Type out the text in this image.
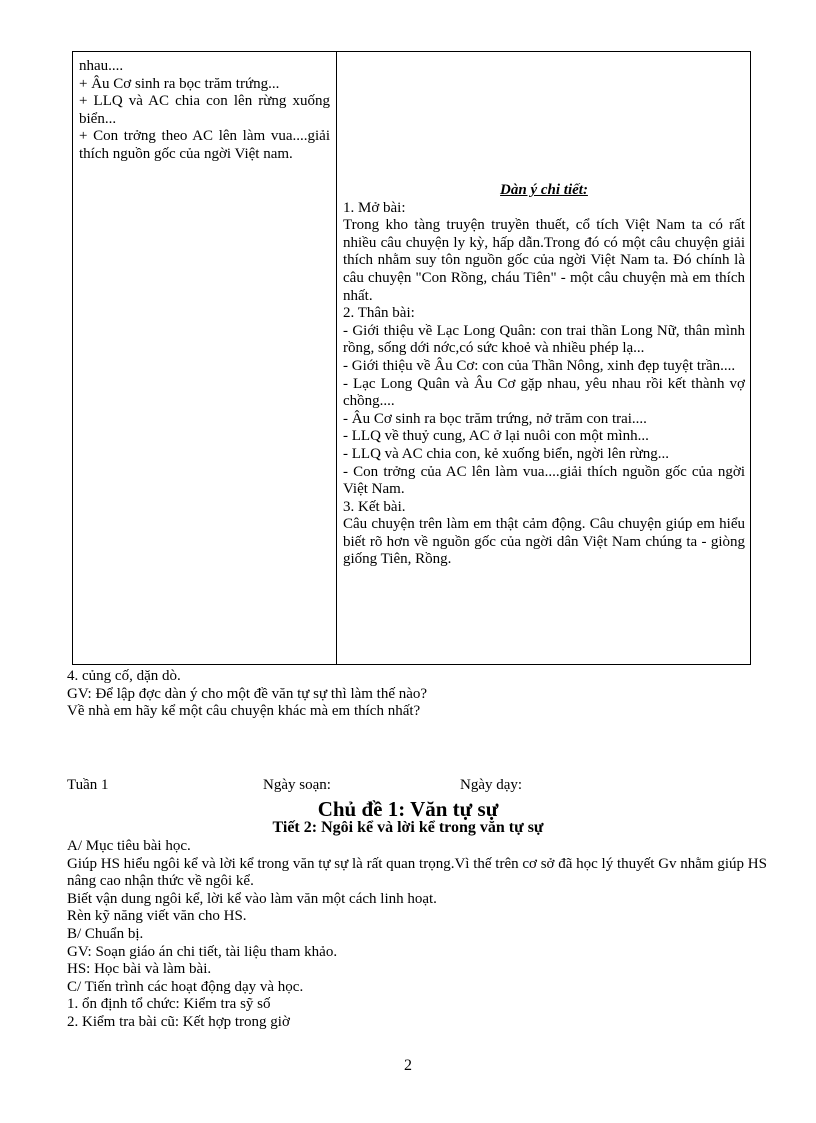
nhau....
+ Âu Cơ sinh ra bọc trăm trứng...
+ LLQ và AC chia con lên rừng xuống biển...
+ Con trởng theo AC lên làm vua....giải thích nguồn gốc của ngời Việt nam.

Dàn ý chi tiết:

1. Mở bài:
Trong kho tàng truyện truyền thuết, cổ tích Việt Nam ta có rất nhiều câu chuyện ly kỳ, hấp dẫn.Trong đó có một câu chuyện giải thích nhằm suy tôn nguồn gốc của ngời Việt Nam ta. Đó chính là câu chuyện "Con Rồng, cháu Tiên" - một câu chuyện mà em thích nhất.
2. Thân bài:
- Giới thiệu về Lạc Long Quân: con trai thần Long Nữ, thân mình rồng, sống dới nớc,có sức khoẻ và nhiều phép lạ...
- Giới thiệu về Âu Cơ: con của Thần Nông, xinh đẹp tuyệt trần....
- Lạc Long Quân và Âu Cơ gặp nhau, yêu nhau rồi kết thành vợ chồng....
- Âu Cơ sinh ra bọc trăm trứng, nở trăm con trai....
- LLQ về thuỷ cung, AC ở lại nuôi con một mình...
- LLQ và AC chia con, kẻ xuống biển, ngời lên rừng...
- Con trởng của AC lên làm vua....giải thích nguồn gốc của ngời Việt Nam.
3. Kết bài.
Câu chuyện trên làm em thật cảm động. Câu chuyện giúp em hiểu biết rõ hơn về nguồn gốc của ngời dân Việt Nam chúng ta - giòng giống Tiên, Rồng.
4. củng cố, dặn dò.
GV: Để lập đợc dàn ý cho một đề văn tự sự thì làm thế nào?
Về nhà em hãy kể một câu chuyện khác mà em thích nhất?
Tuần 1	Ngày soạn:	Ngày dạy:
Chủ đề 1: Văn tự sự
Tiết 2: Ngôi kể và lời kể trong văn tự sự
A/ Mục tiêu bài học.
Giúp HS hiểu ngôi kể và lời kể trong văn tự sự là rất quan trọng.Vì thế trên cơ sở đã học lý thuyết Gv nhằm giúp HS nâng cao nhận thức về ngôi kể.
Biết vận dung ngôi kể, lời kể vào làm văn một cách linh hoạt.
Rèn kỹ năng viết văn cho HS.
B/ Chuẩn bị.
GV: Soạn giáo án chi tiết, tài liệu tham khảo.
HS: Học bài và làm bài.
C/ Tiến trình các hoạt động dạy và học.
1. ổn định tổ chức: Kiểm tra sỹ số
2. Kiểm tra bài cũ: Kết hợp trong giờ
2
